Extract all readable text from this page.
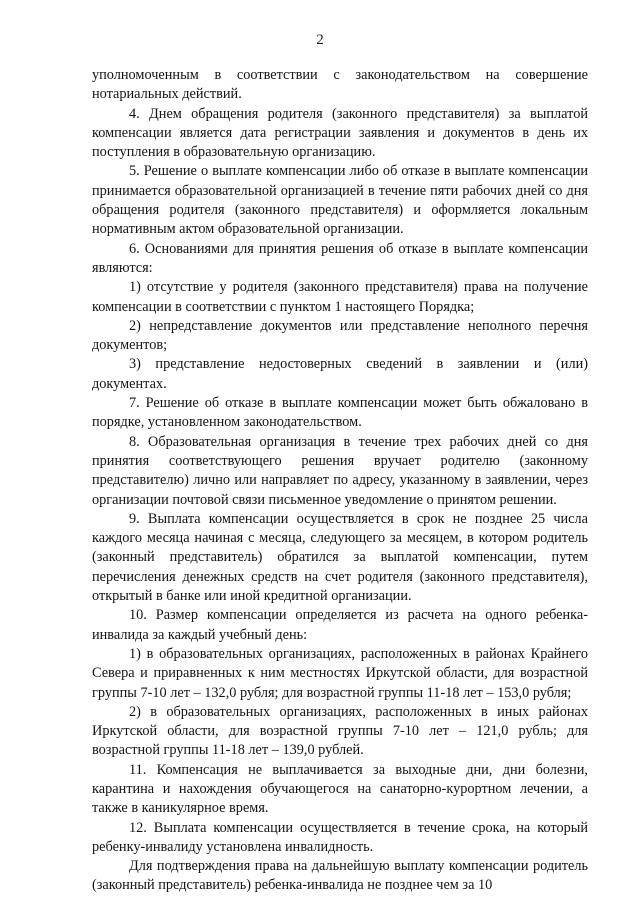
2

уполномоченным в соответствии с законодательством на совершение нотариальных действий.

4. Днем обращения родителя (законного представителя) за выплатой компенсации является дата регистрации заявления и документов в день их поступления в образовательную организацию.

5. Решение о выплате компенсации либо об отказе в выплате компенсации принимается образовательной организацией в течение пяти рабочих дней со дня обращения родителя (законного представителя) и оформляется локальным нормативным актом образовательной организации.

6. Основаниями для принятия решения об отказе в выплате компенсации являются:

1) отсутствие у родителя (законного представителя) права на получение компенсации в соответствии с пунктом 1 настоящего Порядка;

2) непредставление документов или представление неполного перечня документов;

3) представление недостоверных сведений в заявлении и (или) документах.

7. Решение об отказе в выплате компенсации может быть обжаловано в порядке, установленном законодательством.

8. Образовательная организация в течение трех рабочих дней со дня принятия соответствующего решения вручает родителю (законному представителю) лично или направляет по адресу, указанному в заявлении, через организации почтовой связи письменное уведомление о принятом решении.

9. Выплата компенсации осуществляется в срок не позднее 25 числа каждого месяца начиная с месяца, следующего за месяцем, в котором родитель (законный представитель) обратился за выплатой компенсации, путем перечисления денежных средств на счет родителя (законного представителя), открытый в банке или иной кредитной организации.

10. Размер компенсации определяется из расчета на одного ребенка-инвалида за каждый учебный день:

1) в образовательных организациях, расположенных в районах Крайнего Севера и приравненных к ним местностях Иркутской области, для возрастной группы 7-10 лет – 132,0 рубля; для возрастной группы 11-18 лет – 153,0 рубля;

2) в образовательных организациях, расположенных в иных районах Иркутской области, для возрастной группы 7-10 лет – 121,0 рубль; для возрастной группы 11-18 лет – 139,0 рублей.

11. Компенсация не выплачивается за выходные дни, дни болезни, карантина и нахождения обучающегося на санаторно-курортном лечении, а также в каникулярное время.

12. Выплата компенсации осуществляется в течение срока, на который ребенку-инвалиду установлена инвалидность.

Для подтверждения права на дальнейшую выплату компенсации родитель (законный представитель) ребенка-инвалида не позднее чем за 10
